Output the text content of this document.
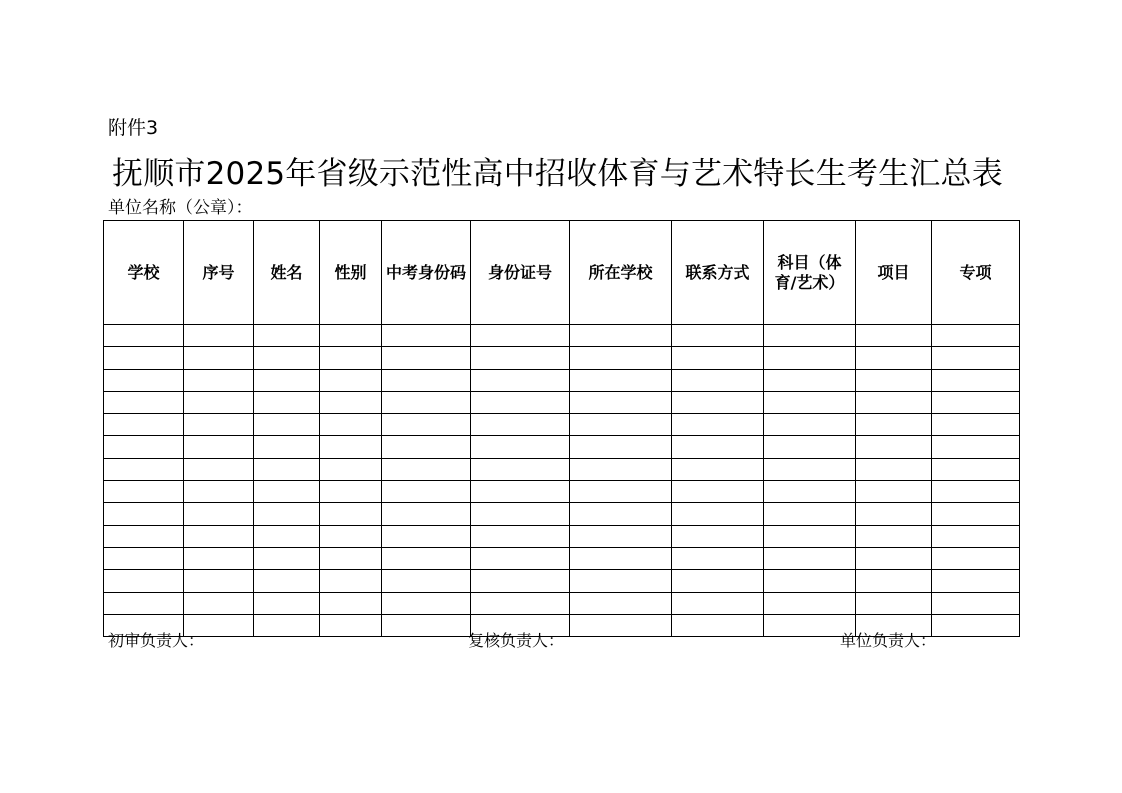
附件3
抚顺市2025年省级示范性高中招收体育与艺术特长生考生汇总表
单位名称（公章）：
学校	序号	姓名	性别	中考身份码	身份证号	所在学校	联系方式	科目（体育/艺术）	项目	专项

初审负责人：	复核负责人：	单位负责人：
